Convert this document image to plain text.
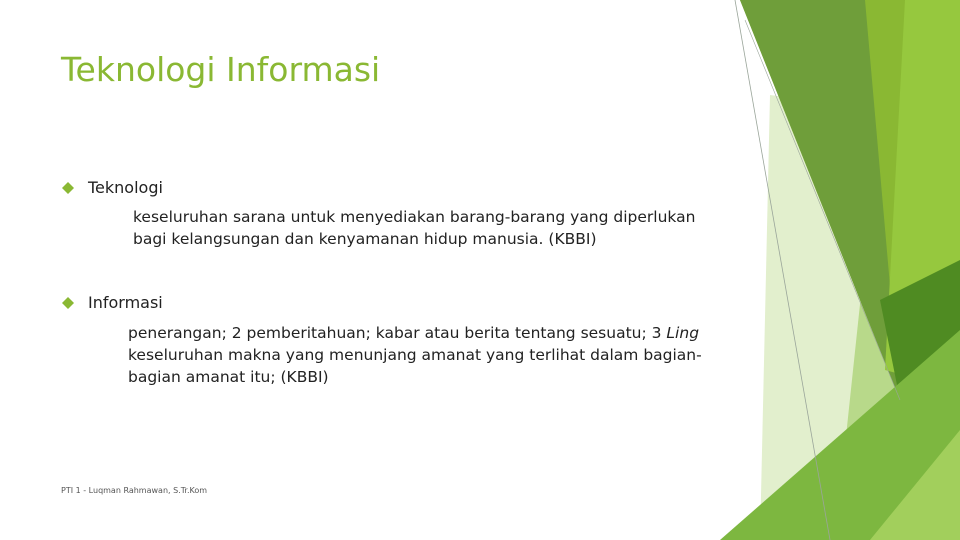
Teknologi Informasi
Teknologi
keseluruhan sarana untuk menyediakan barang-barang yang diperlukan
bagi kelangsungan dan kenyamanan hidup manusia. (KBBI)
Informasi
penerangan; 2 pemberitahuan; kabar atau berita tentang sesuatu; 3 Ling
keseluruhan makna yang menunjang amanat yang terlihat dalam bagian-
bagian amanat itu; (KBBI)
PTI 1 - Luqman Rahmawan, S.Tr.Kom
